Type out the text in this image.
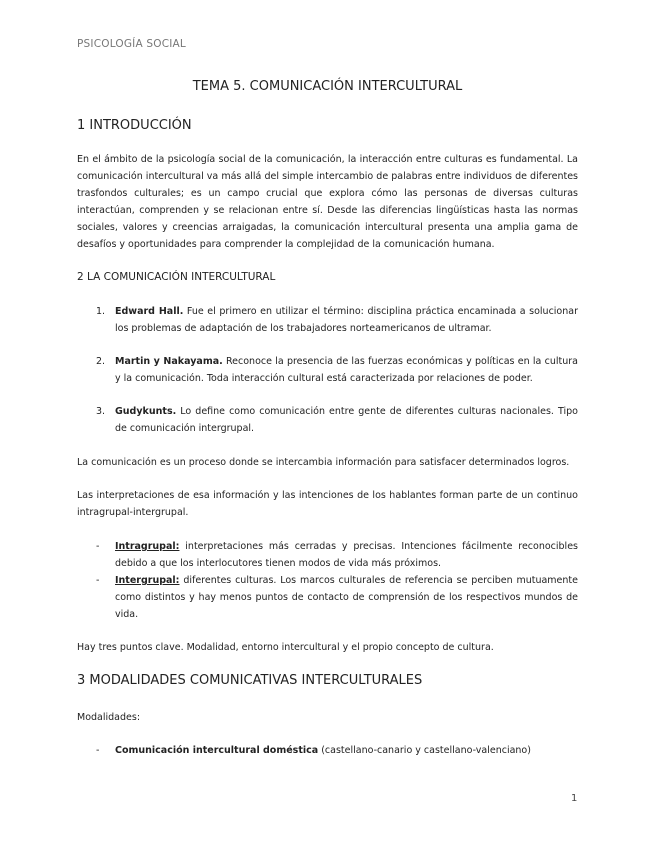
PSICOLOGÍA SOCIAL
TEMA 5. COMUNICACIÓN INTERCULTURAL
1 INTRODUCCIÓN

En el ámbito de la psicología social de la comunicación, la interacción entre culturas es fundamental. La comunicación intercultural va más allá del simple intercambio de palabras entre individuos de diferentes trasfondos culturales; es un campo crucial que explora cómo las personas de diversas culturas interactúan, comprenden y se relacionan entre sí. Desde las diferencias lingüísticas hasta las normas sociales, valores y creencias arraigadas, la comunicación intercultural presenta una amplia gama de desafíos y oportunidades para comprender la complejidad de la comunicación humana.

2 LA COMUNICACIÓN INTERCULTURAL
1. Edward Hall. Fue el primero en utilizar el término: disciplina práctica encaminada a solucionar los problemas de adaptación de los trabajadores norteamericanos de ultramar.

2. Martin y Nakayama. Reconoce la presencia de las fuerzas económicas y políticas en la cultura y la comunicación. Toda interacción cultural está caracterizada por relaciones de poder.

3. Gudykunts. Lo define como comunicación entre gente de diferentes culturas nacionales. Tipo de comunicación intergrupal.

La comunicación es un proceso donde se intercambia información para satisfacer determinados logros.

Las interpretaciones de esa información y las intenciones de los hablantes forman parte de un continuo intragrupal-intergrupal.

- Intragrupal: interpretaciones más cerradas y precisas. Intenciones fácilmente reconocibles debido a que los interlocutores tienen modos de vida más próximos.

- Intergrupal: diferentes culturas. Los marcos culturales de referencia se perciben mutuamente como distintos y hay menos puntos de contacto de comprensión de los respectivos mundos de vida.

Hay tres puntos clave. Modalidad, entorno intercultural y el propio concepto de cultura.

3 MODALIDADES COMUNICATIVAS INTERCULTURALES

Modalidades:

- Comunicación intercultural doméstica (castellano-canario y castellano-valenciano)

1
